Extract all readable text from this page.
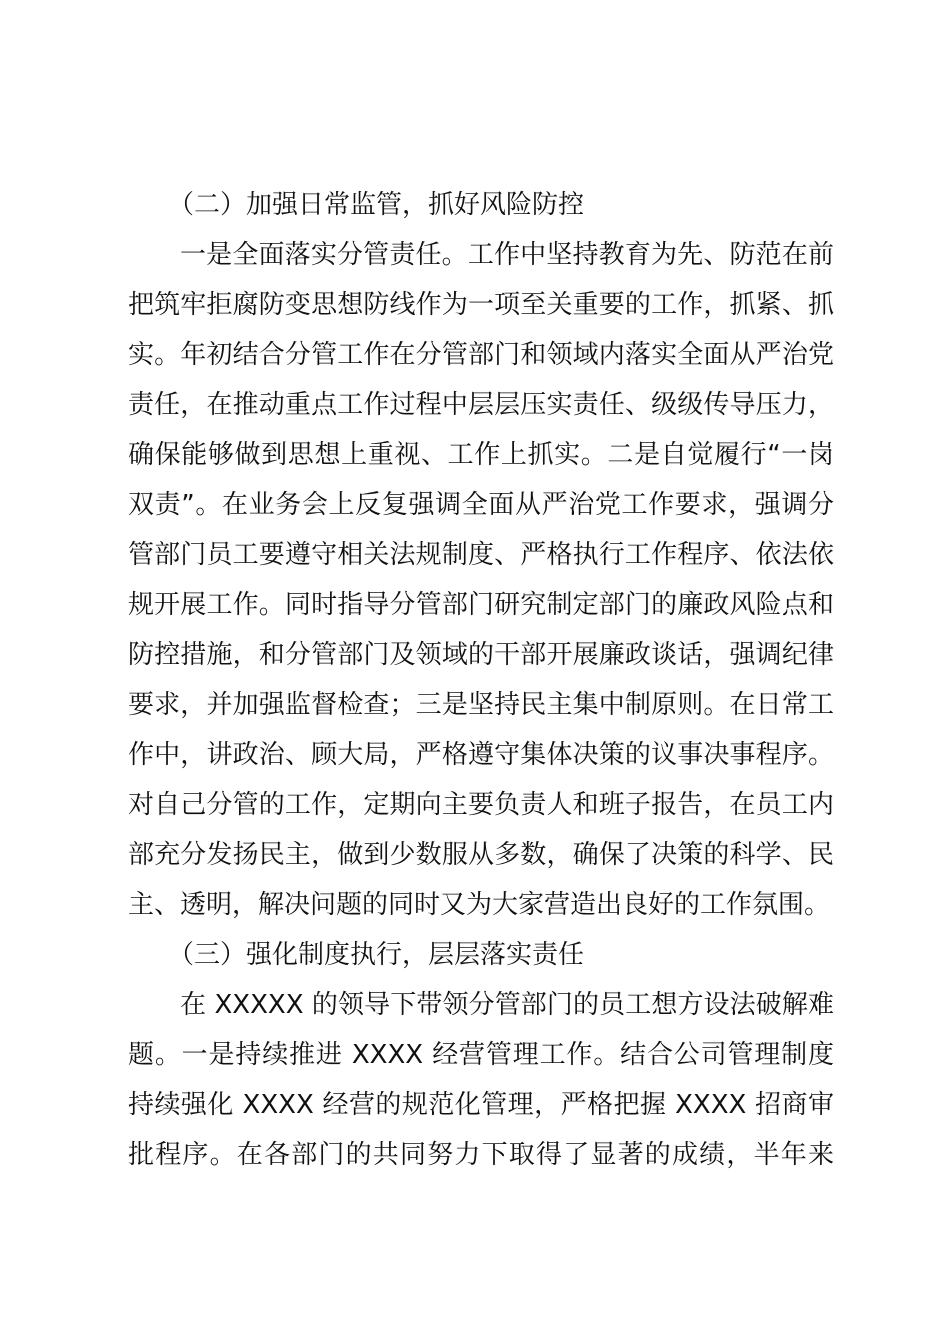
（二）加强日常监管，抓好风险防控

一是全面落实分管责任。工作中坚持教育为先、防范在前把筑牢拒腐防变思想防线作为一项至关重要的工作，抓紧、抓实。年初结合分管工作在分管部门和领域内落实全面从严治党责任，在推动重点工作过程中层层压实责任、级级传导压力，确保能够做到思想上重视、工作上抓实。二是自觉履行“一岗双责”。在业务会上反复强调全面从严治党工作要求，强调分管部门员工要遵守相关法规制度、严格执行工作程序、依法依规开展工作。同时指导分管部门研究制定部门的廉政风险点和防控措施，和分管部门及领域的干部开展廉政谈话，强调纪律要求，并加强监督检查；三是坚持民主集中制原则。在日常工作中，讲政治、顾大局，严格遵守集体决策的议事决事程序。对自己分管的工作，定期向主要负责人和班子报告，在员工内部充分发扬民主，做到少数服从多数，确保了决策的科学、民主、透明，解决问题的同时又为大家营造出良好的工作氛围。

（三）强化制度执行，层层落实责任

在 XXXXX 的领导下带领分管部门的员工想方设法破解难题。一是持续推进 XXXX 经营管理工作。结合公司管理制度持续强化 XXXX 经营的规范化管理，严格把握 XXXX 招商审批程序。在各部门的共同努力下取得了显著的成绩，半年来
